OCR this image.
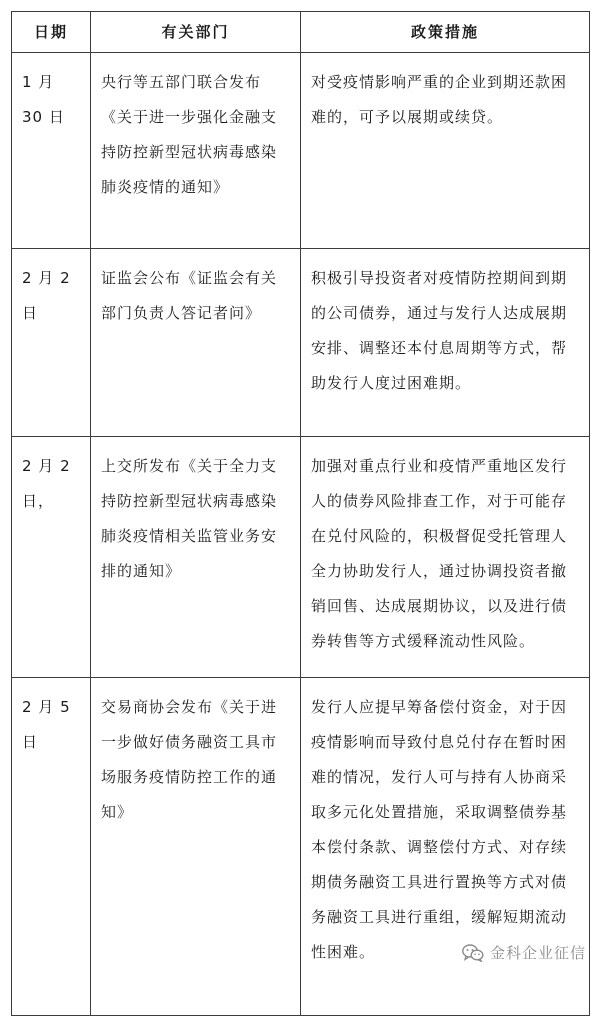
日期	有关部门	政策措施
1 月 30 日	央行等五部门联合发布《关于进一步强化金融支持防控新型冠状病毒感染肺炎疫情的通知》	对受疫情影响严重的企业到期还款困难的，可予以展期或续贷。
2 月 2 日	证监会公布《证监会有关部门负责人答记者问》	积极引导投资者对疫情防控期间到期的公司债券，通过与发行人达成展期安排、调整还本付息周期等方式，帮助发行人度过困难期。
2 月 2 日，	上交所发布《关于全力支持防控新型冠状病毒感染肺炎疫情相关监管业务安排的通知》	加强对重点行业和疫情严重地区发行人的债券风险排查工作，对于可能存在兑付风险的，积极督促受托管理人全力协助发行人，通过协调投资者撤销回售、达成展期协议，以及进行债券转售等方式缓释流动性风险。
2 月 5 日	交易商协会发布《关于进一步做好债务融资工具市场服务疫情防控工作的通知》	发行人应提早筹备偿付资金，对于因疫情影响而导致付息兑付存在暂时困难的情况，发行人可与持有人协商采取多元化处置措施，采取调整债券基本偿付条款、调整偿付方式、对存续期债务融资工具进行置换等方式对债务融资工具进行重组，缓解短期流动性困难。	金科企业征信
